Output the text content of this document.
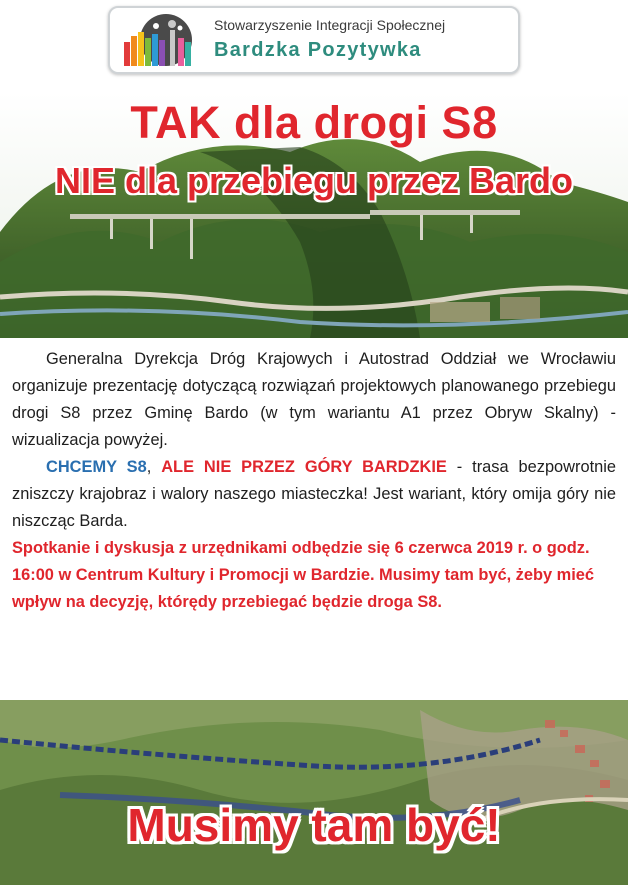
Stowarzyszenie Integracji Społecznej
Bardzka Pozytywka
TAK dla drogi S8
NIE dla przebiegu przez Bardo

Generalna Dyrekcja Dróg Krajowych i Autostrad Oddział we Wrocławiu organizuje prezentację dotyczącą rozwiązań projektowych planowanego przebiegu drogi S8 przez Gminę Bardo (w tym wariantu A1 przez Obryw Skalny) - wizualizacja powyżej.

CHCEMY S8, ALE NIE PRZEZ GÓRY BARDZKIE - trasa bezpowrotnie zniszczy krajobraz i walory naszego miasteczka! Jest wariant, który omija góry nie niszcząc Barda.

Spotkanie i dyskusja z urzędnikami odbędzie się 6 czerwca 2019 r. o godz. 16:00 w Centrum Kultury i Promocji w Bardzie. Musimy tam być, żeby mieć wpływ na decyzję, którędy przebiegać będzie droga S8.

Musimy tam być!
